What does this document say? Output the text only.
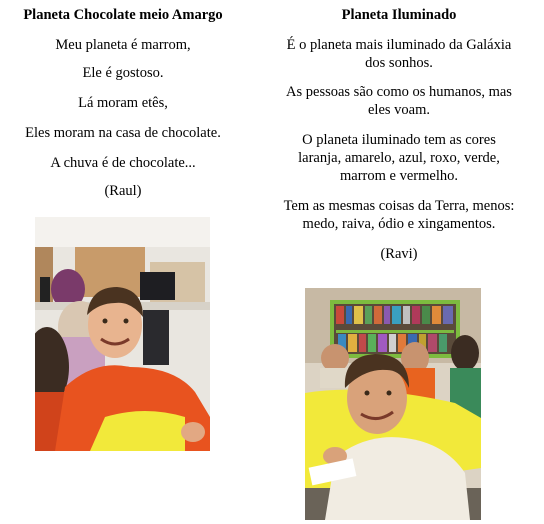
Planeta Chocolate meio Amargo

Meu planeta é marrom,

Ele é gostoso.

Lá moram etês,

Eles moram na casa de chocolate.

A chuva é de chocolate...

(Raul)

Planeta Iluminado
É o planeta mais iluminado da Galáxia
dos sonhos.
As pessoas são como os humanos, mas
eles voam.
O planeta iluminado tem as cores
laranja, amarelo, azul, roxo, verde,
marrom e vermelho.
Tem as mesmas coisas da Terra, menos:
medo, raiva, ódio e xingamentos.
(Ravi)
